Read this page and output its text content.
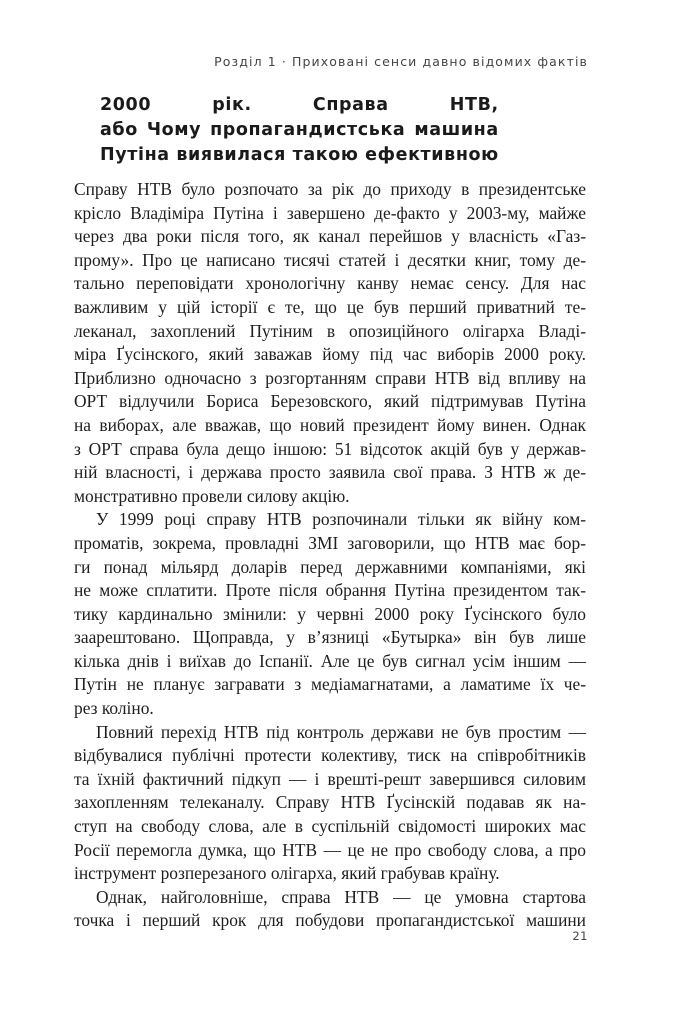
Розділ 1 · Приховані сенси давно відомих фактів
2000 рік. Справа НТВ,
або Чому пропагандистська машина
Путіна виявилася такою ефективною

Справу НТВ було розпочато за рік до приходу в президентське
крісло Владіміра Путіна і завершено де-факто у 2003-му, майже
через два роки після того, як канал перейшов у власність «Газ-
прому». Про це написано тисячі статей і десятки книг, тому де-
тально переповідати хронологічну канву немає сенсу. Для нас
важливим у цій історії є те, що це був перший приватний те-
леканал, захоплений Путіним в опозиційного олігарха Владі-
міра Ґусінского, який заважав йому під час виборів 2000 року.
Приблизно одночасно з розгортанням справи НТВ від впливу на
ОРТ відлучили Бориса Березовского, який підтримував Путіна
на виборах, але вважав, що новий президент йому винен. Однак
з ОРТ справа була дещо іншою: 51 відсоток акцій був у держав-
ній власності, і держава просто заявила свої права. З НТВ ж де-
монстративно провели силову акцію.

У 1999 році справу НТВ розпочинали тільки як війну ком-
проматів, зокрема, провладні ЗМІ заговорили, що НТВ має бор-
ги понад мільярд доларів перед державними компаніями, які
не може сплатити. Проте після обрання Путіна президентом так-
тику кардинально змінили: у червні 2000 року Ґусінского було
заарештовано. Щоправда, у в’язниці «Бутырка» він був лише
кілька днів і виїхав до Іспанії. Але це був сигнал усім іншим —
Путін не планує загравати з медіамагнатами, а ламатиме їх че-
рез коліно.

Повний перехід НТВ під контроль держави не був простим —
відбувалися публічні протести колективу, тиск на співробітників
та їхній фактичний підкуп — і врешті-решт завершився силовим
захопленням телеканалу. Справу НТВ Ґусінскій подавав як на-
ступ на свободу слова, але в суспільній свідомості широких мас
Росії перемогла думка, що НТВ — це не про свободу слова, а про
інструмент розперезаного олігарха, який грабував країну.

Однак, найголовніше, справа НТВ — це умовна стартова
точка і перший крок для побудови пропагандистської машини

21
